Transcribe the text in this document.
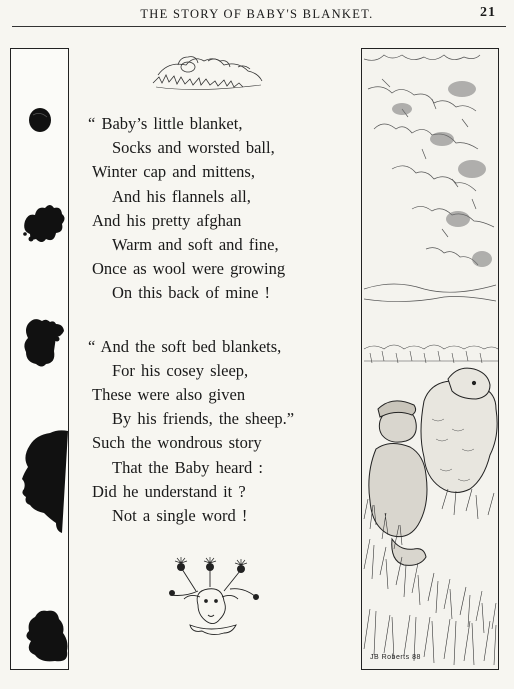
THE STORY OF BABY'S BLANKET.	21

“ Baby’s little blanket,
Socks and worsted ball,
Winter cap and mittens,
And his flannels all,
And his pretty afghan
Warm and soft and fine,
Once as wool were growing
On this back of mine !

“ And the soft bed blankets,
For his cosey sleep,
These were also given
By his friends, the sheep.”
Such the wondrous story
That the Baby heard :
Did he understand it ?
Not a single word !

JB Roberts 88
